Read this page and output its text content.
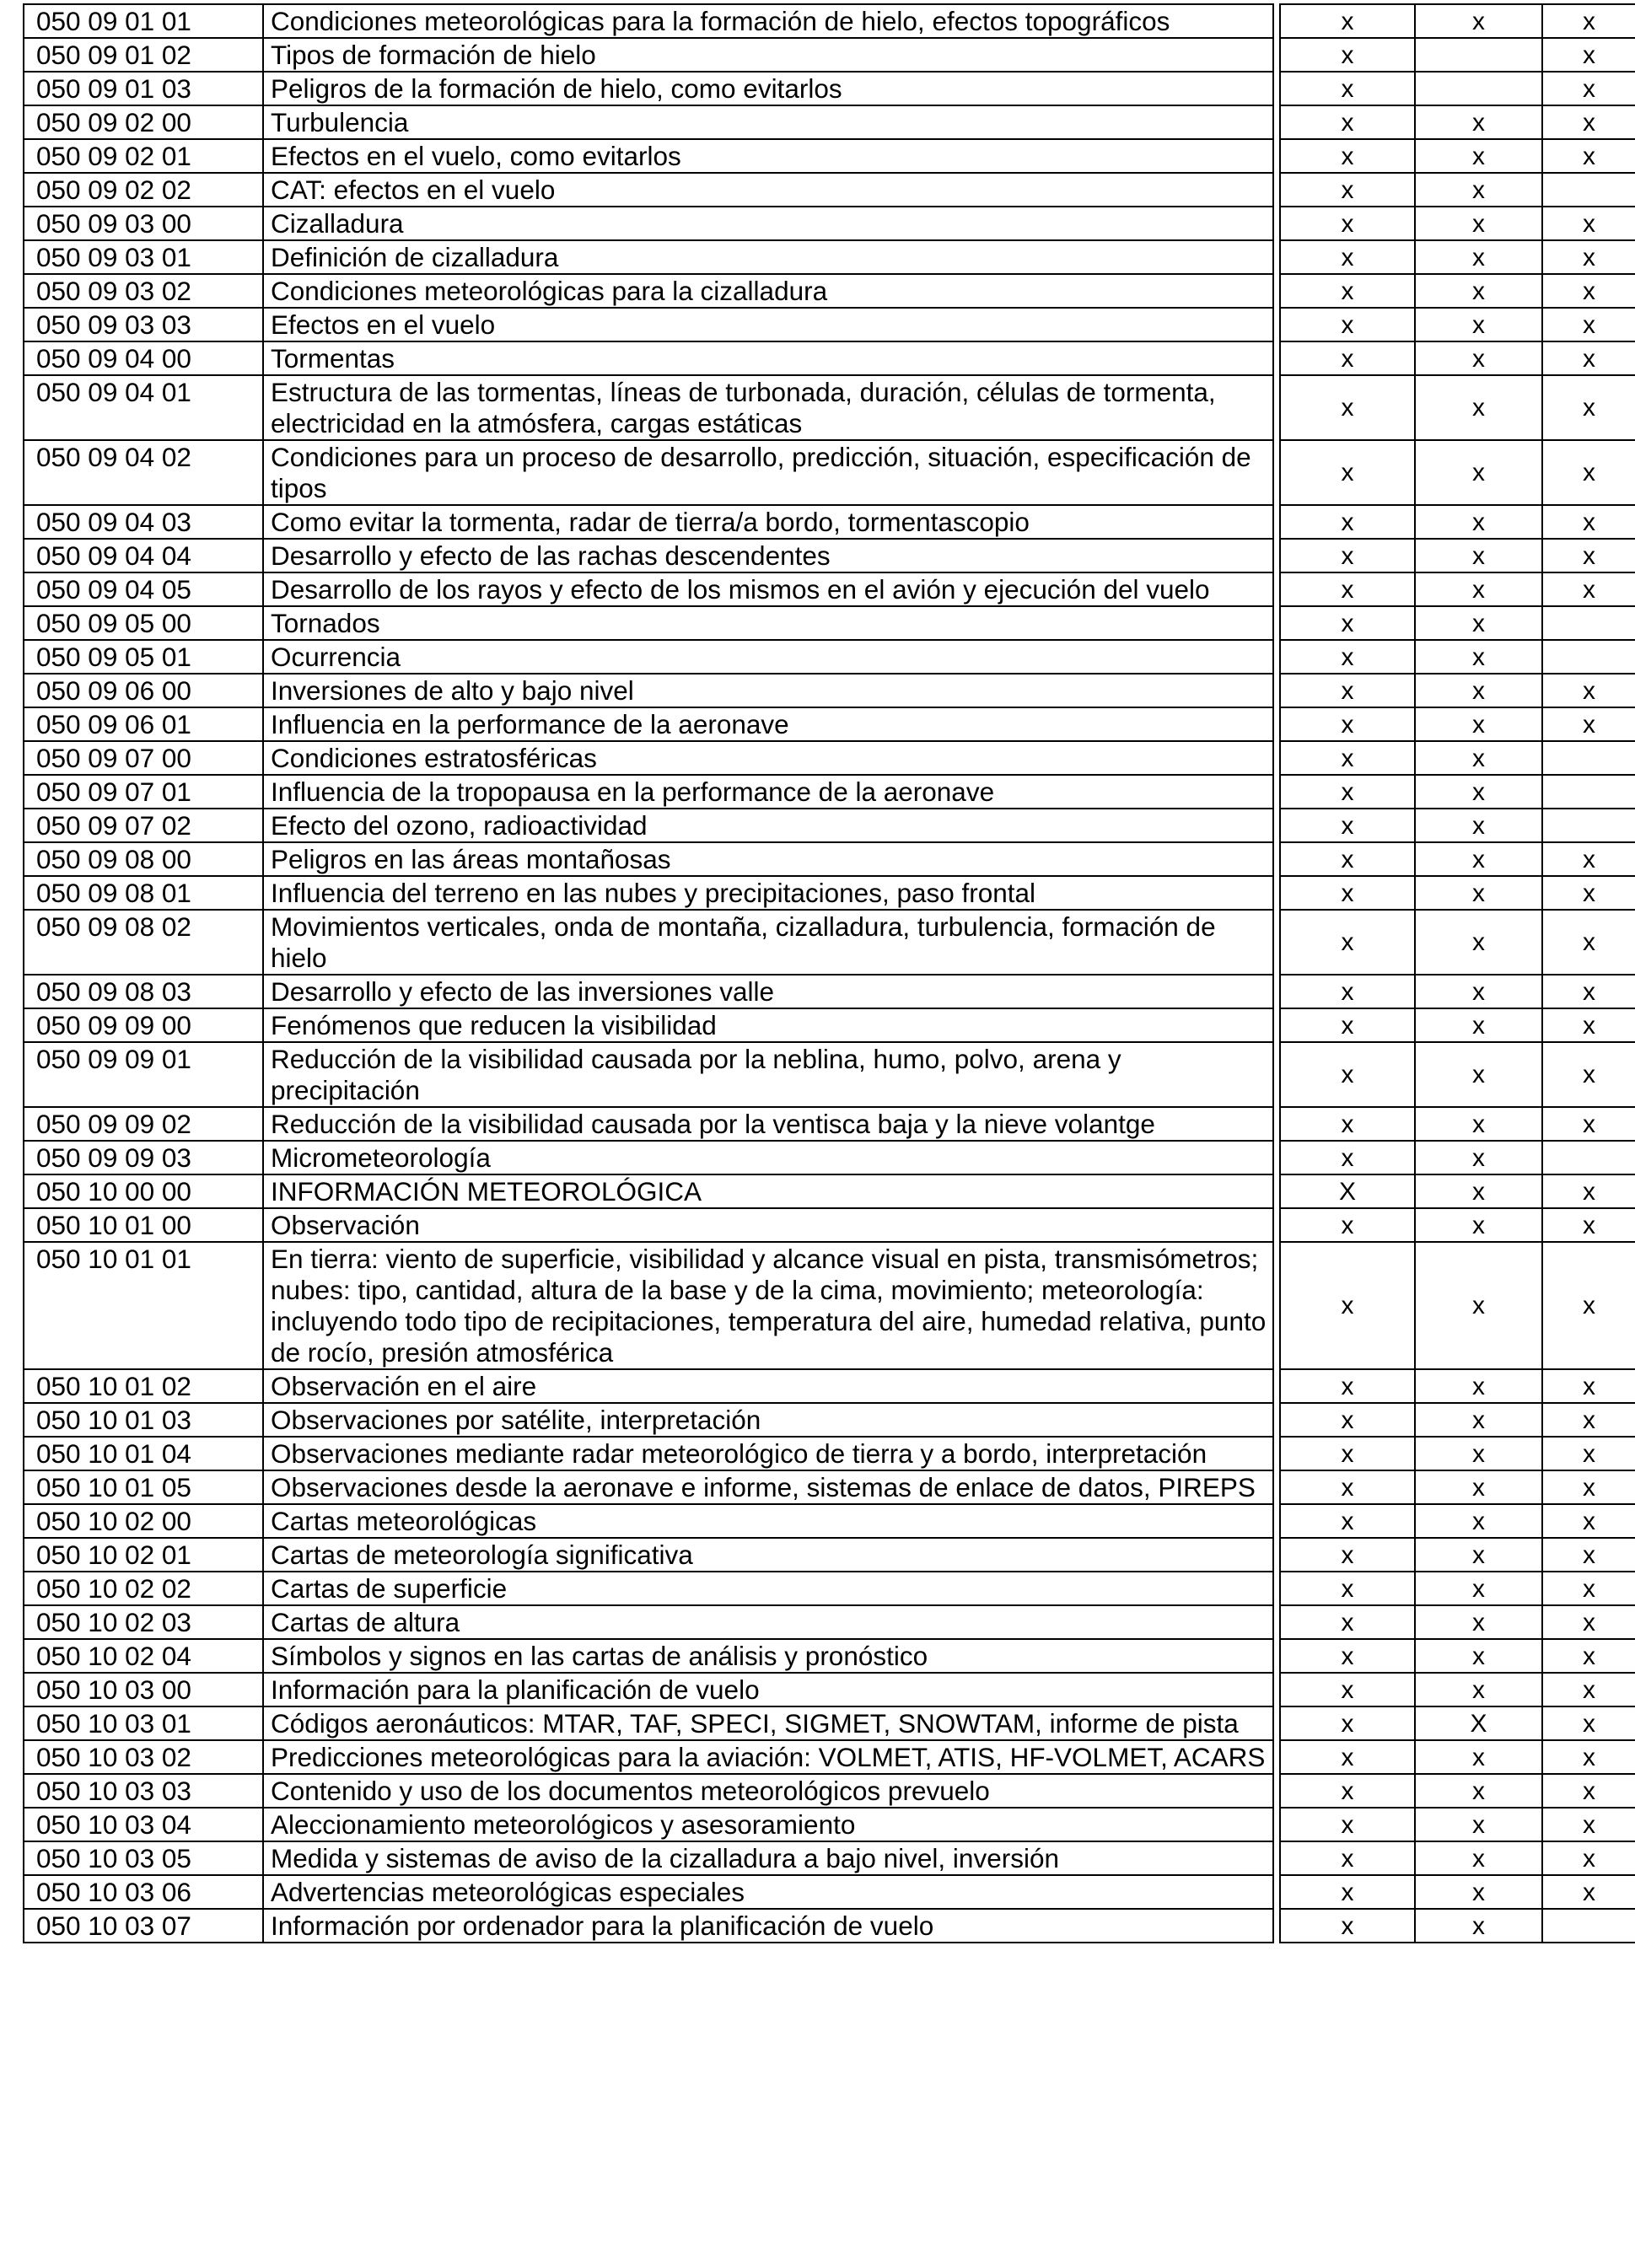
050 09 01 01	Condiciones meteorológicas para la formación de hielo, efectos topográficos		x	x	x
050 09 01 02	Tipos de formación de hielo		x		x
050 09 01 03	Peligros de la formación de hielo, como evitarlos		x		x
050 09 02 00	Turbulencia		x	x	x
050 09 02 01	Efectos en el vuelo, como evitarlos		x	x	x
050 09 02 02	CAT: efectos en el vuelo		x	x	
050 09 03 00	Cizalladura		x	x	x
050 09 03 01	Definición de cizalladura		x	x	x
050 09 03 02	Condiciones meteorológicas para la cizalladura		x	x	x
050 09 03 03	Efectos en el vuelo		x	x	x
050 09 04 00	Tormentas		x	x	x
050 09 04 01	Estructura de las tormentas, líneas de turbonada, duración, células de tormenta, electricidad en la atmósfera, cargas estáticas		x	x	x
050 09 04 02	Condiciones para un proceso de desarrollo, predicción, situación, especificación de tipos		x	x	x
050 09 04 03	Como evitar la tormenta, radar de tierra/a bordo, tormentascopio		x	x	x
050 09 04 04	Desarrollo y efecto de las rachas descendentes		x	x	x
050 09 04 05	Desarrollo de los rayos y efecto de los mismos en el avión y ejecución del vuelo		x	x	x
050 09 05 00	Tornados		x	x	
050 09 05 01	Ocurrencia		x	x	
050 09 06 00	Inversiones de alto y bajo nivel		x	x	x
050 09 06 01	Influencia en la performance de la aeronave		x	x	x
050 09 07 00	Condiciones estratosféricas		x	x	
050 09 07 01	Influencia de la tropopausa en la performance de la aeronave		x	x	
050 09 07 02	Efecto del ozono, radioactividad		x	x	
050 09 08 00	Peligros en las áreas montañosas		x	x	x
050 09 08 01	Influencia del terreno en las nubes y precipitaciones, paso frontal		x	x	x
050 09 08 02	Movimientos verticales, onda de montaña, cizalladura, turbulencia, formación de hielo		x	x	x
050 09 08 03	Desarrollo y efecto de las inversiones valle		x	x	x
050 09 09 00	Fenómenos que reducen la visibilidad		x	x	x
050 09 09 01	Reducción de la visibilidad causada por la neblina, humo, polvo, arena y precipitación		x	x	x
050 09 09 02	Reducción de la visibilidad causada por la ventisca baja y la nieve volantge		x	x	x
050 09 09 03	Micrometeorología		x	x	
050 10 00 00	INFORMACIÓN METEOROLÓGICA		X	x	x
050 10 01 00	Observación		x	x	x
050 10 01 01	En tierra: viento de superficie, visibilidad y alcance visual en pista, transmisómetros; nubes: tipo, cantidad, altura de la base y de la cima, movimiento; meteorología: incluyendo todo tipo de recipitaciones, temperatura del aire, humedad relativa, punto de rocío, presión atmosférica		x	x	x
050 10 01 02	Observación en el aire		x	x	x
050 10 01 03	Observaciones por satélite, interpretación		x	x	x
050 10 01 04	Observaciones mediante radar meteorológico de tierra y a bordo, interpretación		x	x	x
050 10 01 05	Observaciones desde la aeronave e informe, sistemas de enlace de datos, PIREPS		x	x	x
050 10 02 00	Cartas meteorológicas		x	x	x
050 10 02 01	Cartas de meteorología significativa		x	x	x
050 10 02 02	Cartas de superficie		x	x	x
050 10 02 03	Cartas de altura		x	x	x
050 10 02 04	Símbolos y signos en las cartas de análisis y pronóstico		x	x	x
050 10 03 00	Información para la planificación de vuelo		x	x	x
050 10 03 01	Códigos aeronáuticos: MTAR, TAF, SPECI, SIGMET, SNOWTAM, informe de pista		x	X	x
050 10 03 02	Predicciones meteorológicas para la aviación: VOLMET, ATIS, HF-VOLMET, ACARS		x	x	x
050 10 03 03	Contenido y uso de los documentos meteorológicos prevuelo		x	x	x
050 10 03 04	Aleccionamiento meteorológicos y asesoramiento		x	x	x
050 10 03 05	Medida y sistemas de aviso de la cizalladura a bajo nivel, inversión		x	x	x
050 10 03 06	Advertencias meteorológicas especiales		x	x	x
050 10 03 07	Información por ordenador para la planificación de vuelo		x	x	
